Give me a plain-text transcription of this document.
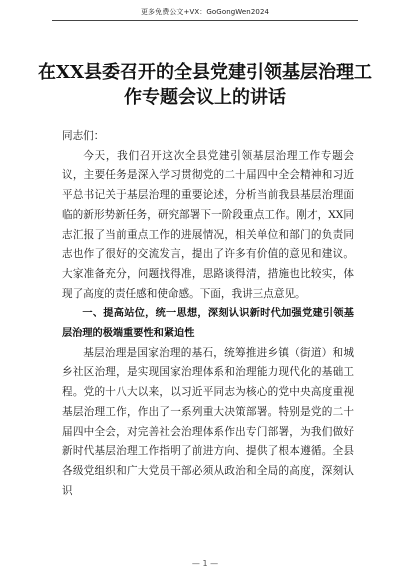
更多免费公文+VX：GoGongWen2024
在XX县委召开的全县党建引领基层治理工作专题会议上的讲话

同志们：

今天，我们召开这次全县党建引领基层治理工作专题会议，主要任务是深入学习贯彻党的二十届四中全会精神和习近平总书记关于基层治理的重要论述，分析当前我县基层治理面临的新形势新任务，研究部署下一阶段重点工作。刚才，XX同志汇报了当前重点工作的进展情况，相关单位和部门的负责同志也作了很好的交流发言，提出了许多有价值的意见和建议。大家准备充分，问题找得准，思路谈得清，措施也比较实，体现了高度的责任感和使命感。下面，我讲三点意见。

一、提高站位，统一思想，深刻认识新时代加强党建引领基层治理的极端重要性和紧迫性

基层治理是国家治理的基石，统筹推进乡镇（街道）和城乡社区治理，是实现国家治理体系和治理能力现代化的基础工程。党的十八大以来，以习近平同志为核心的党中央高度重视基层治理工作，作出了一系列重大决策部署。特别是党的二十届四中全会，对完善社会治理体系作出专门部署，为我们做好新时代基层治理工作指明了前进方向、提供了根本遵循。全县各级党组织和广大党员干部必须从政治和全局的高度，深刻认识

— 1 —
